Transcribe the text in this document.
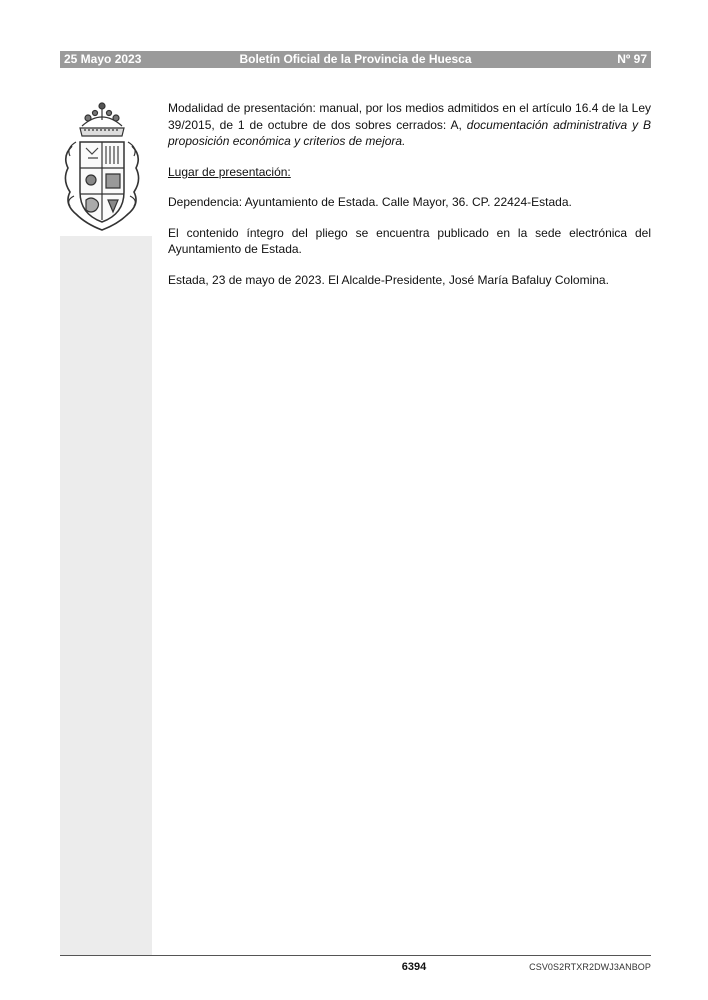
Boletín Oficial de la Provincia de Huesca
25 Mayo 2023	Nº 97

Modalidad de presentación: manual, por los medios admitidos en el artículo 16.4 de la Ley 39/2015, de 1 de octubre de dos sobres cerrados: A, documentación administrativa y B proposición económica y criterios de mejora.

Lugar de presentación:

Dependencia: Ayuntamiento de Estada. Calle Mayor, 36. CP. 22424-Estada.

El contenido íntegro del pliego se encuentra publicado en la sede electrónica del Ayuntamiento de Estada.

Estada, 23 de mayo de 2023. El Alcalde-Presidente, José María Bafaluy Colomina.

6394	CSV0S2RTXR2DWJ3ANBOP
